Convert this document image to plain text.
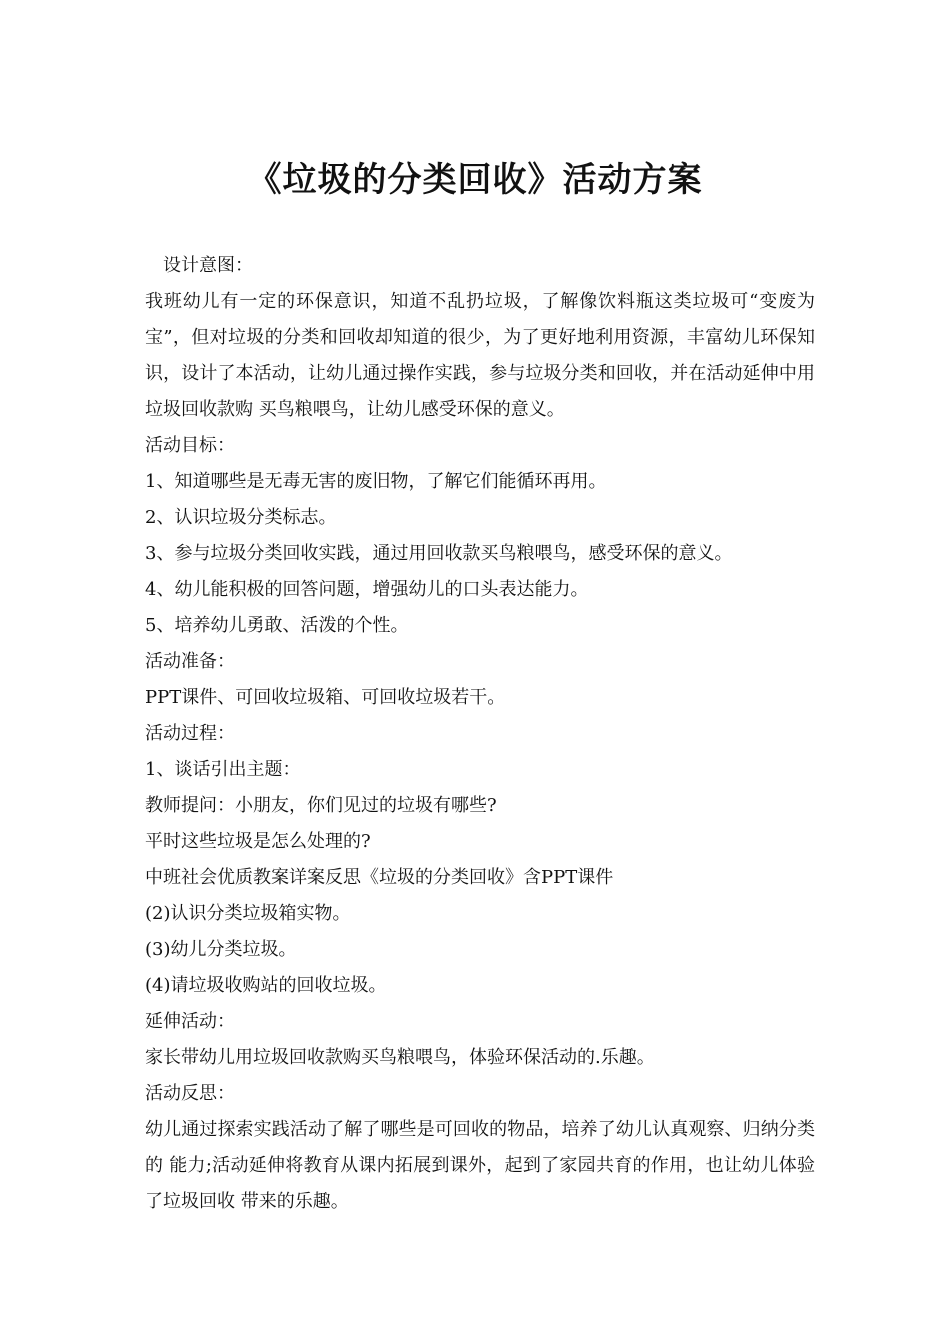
《垃圾的分类回收》活动方案

设计意图：

我班幼儿有一定的环保意识，知道不乱扔垃圾，了解像饮料瓶这类垃圾可“变废为 宝”，但对垃圾的分类和回收却知道的很少，为了更好地利用资源，丰富幼儿环保知识，设计了本活动，让幼儿通过操作实践，参与垃圾分类和回收，并在活动延伸中用垃圾回收款购 买鸟粮喂鸟，让幼儿感受环保的意义。

活动目标：

1、知道哪些是无毒无害的废旧物，了解它们能循环再用。

2、认识垃圾分类标志。

3、参与垃圾分类回收实践，通过用回收款买鸟粮喂鸟，感受环保的意义。

4、幼儿能积极的回答问题，增强幼儿的口头表达能力。

5、培养幼儿勇敢、活泼的个性。

活动准备：

PPT课件、可回收垃圾箱、可回收垃圾若干。

活动过程：

1、谈话引出主题：

教师提问：小朋友，你们见过的垃圾有哪些?

平时这些垃圾是怎么处理的?

中班社会优质教案详案反思《垃圾的分类回收》含PPT课件

(2)认识分类垃圾箱实物。

(3)幼儿分类垃圾。

(4)请垃圾收购站的回收垃圾。

延伸活动：

家长带幼儿用垃圾回收款购买鸟粮喂鸟，体验环保活动的.乐趣。

活动反思：

幼儿通过探索实践活动了解了哪些是可回收的物品，培养了幼儿认真观察、归纳分类的 能力;活动延伸将教育从课内拓展到课外，起到了家园共育的作用，也让幼儿体验了垃圾回收 带来的乐趣。
